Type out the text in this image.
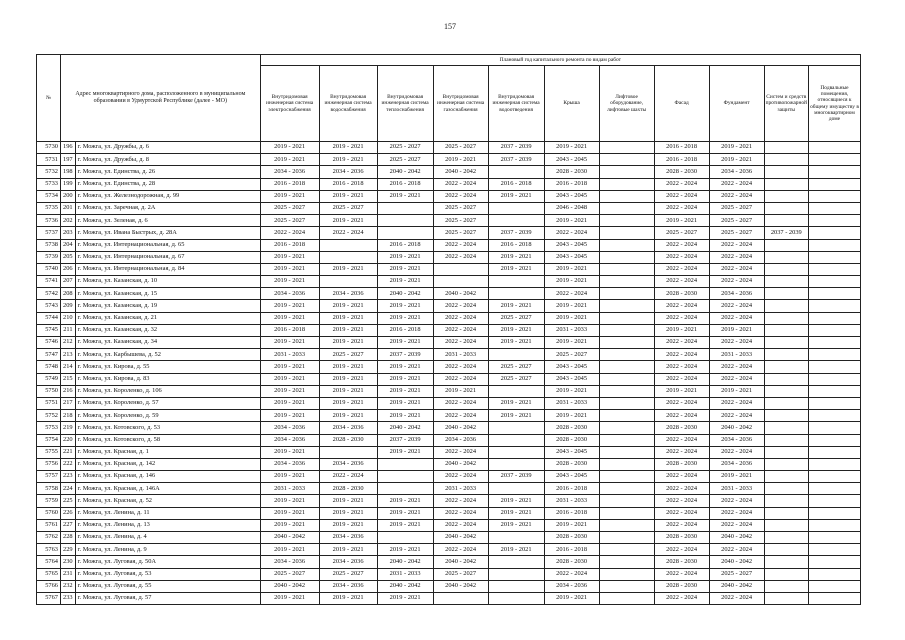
157
№	Адрес многоквартирного дома, расположенного в муниципальном образовании в Удмуртской Республике (далее - МО)		Плановый год капитального ремонта по видам работ										
			Внутридомовая инженерная система электроснабжения	Внутридомовая инженерная система водоснабжения	Внутридомовая инженерная система теплоснабжения	Внутридомовая инженерная система газоснабжения	Внутридомовая инженерная система водоотведения	Крыша	Лифтовое оборудование, лифтовые шахты	Фасад	Фундамент	Систем и средств противопожарной защиты	Подвальные помещения, относящиеся к общему имуществу в многоквартирном доме
5730	196	г. Можга, ул. Дружбы, д. 6	2019 - 2021	2019 - 2021	2025 - 2027	2025 - 2027	2037 - 2039	2019 - 2021		2016 - 2018	2019 - 2021		
5731	197	г. Можга, ул. Дружбы, д. 8	2019 - 2021	2019 - 2021	2025 - 2027	2019 - 2021	2037 - 2039	2043 - 2045		2016 - 2018	2019 - 2021		
5732	198	г. Можга, ул. Единства, д. 26	2034 - 2036	2034 - 2036	2040 - 2042	2040 - 2042		2028 - 2030		2028 - 2030	2034 - 2036		
5733	199	г. Можга, ул. Единства, д. 28	2016 - 2018	2016 - 2018	2016 - 2018	2022 - 2024	2016 - 2018	2016 - 2018		2022 - 2024	2022 - 2024		
5734	200	г. Можга, ул. Железнодорожная, д. 99	2019 - 2021	2019 - 2021	2019 - 2021	2022 - 2024	2019 - 2021	2043 - 2045		2022 - 2024	2022 - 2024		
5735	201	г. Можга, ул. Заречная, д. 2А	2025 - 2027	2025 - 2027		2025 - 2027		2046 - 2048		2022 - 2024	2025 - 2027		
5736	202	г. Можга, ул. Зеленая, д. 6	2025 - 2027	2019 - 2021		2025 - 2027		2019 - 2021		2019 - 2021	2025 - 2027		
5737	203	г. Можга, ул. Ивана Быстрых, д. 28А	2022 - 2024	2022 - 2024		2025 - 2027	2037 - 2039	2022 - 2024		2025 - 2027	2025 - 2027	2037 - 2039	
5738	204	г. Можга, ул. Интернациональная, д. 65	2016 - 2018		2016 - 2018	2022 - 2024	2016 - 2018	2043 - 2045		2022 - 2024	2022 - 2024		
5739	205	г. Можга, ул. Интернациональная, д. 67	2019 - 2021		2019 - 2021	2022 - 2024	2019 - 2021	2043 - 2045		2022 - 2024	2022 - 2024		
5740	206	г. Можга, ул. Интернациональная, д. 84	2019 - 2021	2019 - 2021	2019 - 2021		2019 - 2021	2019 - 2021		2022 - 2024	2022 - 2024		
5741	207	г. Можга, ул. Казанская, д. 10	2019 - 2021		2019 - 2021			2019 - 2021		2022 - 2024	2022 - 2024		
5742	208	г. Можга, ул. Казанская, д. 15	2034 - 2036	2034 - 2036	2040 - 2042	2040 - 2042		2022 - 2024		2028 - 2030	2034 - 2036		
5743	209	г. Можга, ул. Казанская, д. 19	2019 - 2021	2019 - 2021	2019 - 2021	2022 - 2024	2019 - 2021	2019 - 2021		2022 - 2024	2022 - 2024		
5744	210	г. Можга, ул. Казанская, д. 21	2019 - 2021	2019 - 2021	2019 - 2021	2022 - 2024	2025 - 2027	2019 - 2021		2022 - 2024	2022 - 2024		
5745	211	г. Можга, ул. Казанская, д. 32	2016 - 2018	2019 - 2021	2016 - 2018	2022 - 2024	2019 - 2021	2031 - 2033		2019 - 2021	2019 - 2021		
5746	212	г. Можга, ул. Казанская, д. 34	2019 - 2021	2019 - 2021	2019 - 2021	2022 - 2024	2019 - 2021	2019 - 2021		2022 - 2024	2022 - 2024		
5747	213	г. Можга, ул. Карбышева, д. 52	2031 - 2033	2025 - 2027	2037 - 2039	2031 - 2033		2025 - 2027		2022 - 2024	2031 - 2033		
5748	214	г. Можга, ул. Кирова, д. 55	2019 - 2021	2019 - 2021	2019 - 2021	2022 - 2024	2025 - 2027	2043 - 2045		2022 - 2024	2022 - 2024		
5749	215	г. Можга, ул. Кирова, д. 83	2019 - 2021	2019 - 2021	2019 - 2021	2022 - 2024	2025 - 2027	2043 - 2045		2022 - 2024	2022 - 2024		
5750	216	г. Можга, ул. Короленко, д. 106	2019 - 2021	2019 - 2021	2019 - 2021	2019 - 2021		2019 - 2021		2019 - 2021	2019 - 2021		
5751	217	г. Можга, ул. Короленко, д. 57	2019 - 2021	2019 - 2021	2019 - 2021	2022 - 2024	2019 - 2021	2031 - 2033		2022 - 2024	2022 - 2024		
5752	218	г. Можга, ул. Короленко, д. 59	2019 - 2021	2019 - 2021	2019 - 2021	2022 - 2024	2019 - 2021	2019 - 2021		2022 - 2024	2022 - 2024		
5753	219	г. Можга, ул. Котовского, д. 53	2034 - 2036	2034 - 2036	2040 - 2042	2040 - 2042		2028 - 2030		2028 - 2030	2040 - 2042		
5754	220	г. Можга, ул. Котовского, д. 58	2034 - 2036	2028 - 2030	2037 - 2039	2034 - 2036		2028 - 2030		2022 - 2024	2034 - 2036		
5755	221	г. Можга, ул. Красная, д. 1	2019 - 2021		2019 - 2021	2022 - 2024		2043 - 2045		2022 - 2024	2022 - 2024		
5756	222	г. Можга, ул. Красная, д. 142	2034 - 2036	2034 - 2036		2040 - 2042		2028 - 2030		2028 - 2030	2034 - 2036		
5757	223	г. Можга, ул. Красная, д. 146	2019 - 2021	2022 - 2024		2022 - 2024	2037 - 2039	2043 - 2045		2022 - 2024	2019 - 2021		
5758	224	г. Можга, ул. Красная, д. 146А	2031 - 2033	2028 - 2030		2031 - 2033		2016 - 2018		2022 - 2024	2031 - 2033		
5759	225	г. Можга, ул. Красная, д. 52	2019 - 2021	2019 - 2021	2019 - 2021	2022 - 2024	2019 - 2021	2031 - 2033		2022 - 2024	2022 - 2024		
5760	226	г. Можга, ул. Ленина, д. 11	2019 - 2021	2019 - 2021	2019 - 2021	2022 - 2024	2019 - 2021	2016 - 2018		2022 - 2024	2022 - 2024		
5761	227	г. Можга, ул. Ленина, д. 13	2019 - 2021	2019 - 2021	2019 - 2021	2022 - 2024	2019 - 2021	2019 - 2021		2022 - 2024	2022 - 2024		
5762	228	г. Можга, ул. Ленина, д. 4	2040 - 2042	2034 - 2036		2040 - 2042		2028 - 2030		2028 - 2030	2040 - 2042		
5763	229	г. Можга, ул. Ленина, д. 9	2019 - 2021	2019 - 2021	2019 - 2021	2022 - 2024	2019 - 2021	2016 - 2018		2022 - 2024	2022 - 2024		
5764	230	г. Можга, ул. Луговая, д. 50А	2034 - 2036	2034 - 2036	2040 - 2042	2040 - 2042		2028 - 2030		2028 - 2030	2040 - 2042		
5765	231	г. Можга, ул. Луговая, д. 53	2025 - 2027	2025 - 2027	2031 - 2033	2025 - 2027		2022 - 2024		2022 - 2024	2025 - 2027		
5766	232	г. Можга, ул. Луговая, д. 55	2040 - 2042	2034 - 2036	2040 - 2042	2040 - 2042		2034 - 2036		2028 - 2030	2040 - 2042		
5767	233	г. Можга, ул. Луговая, д. 57	2019 - 2021	2019 - 2021	2019 - 2021			2019 - 2021		2022 - 2024	2022 - 2024		
